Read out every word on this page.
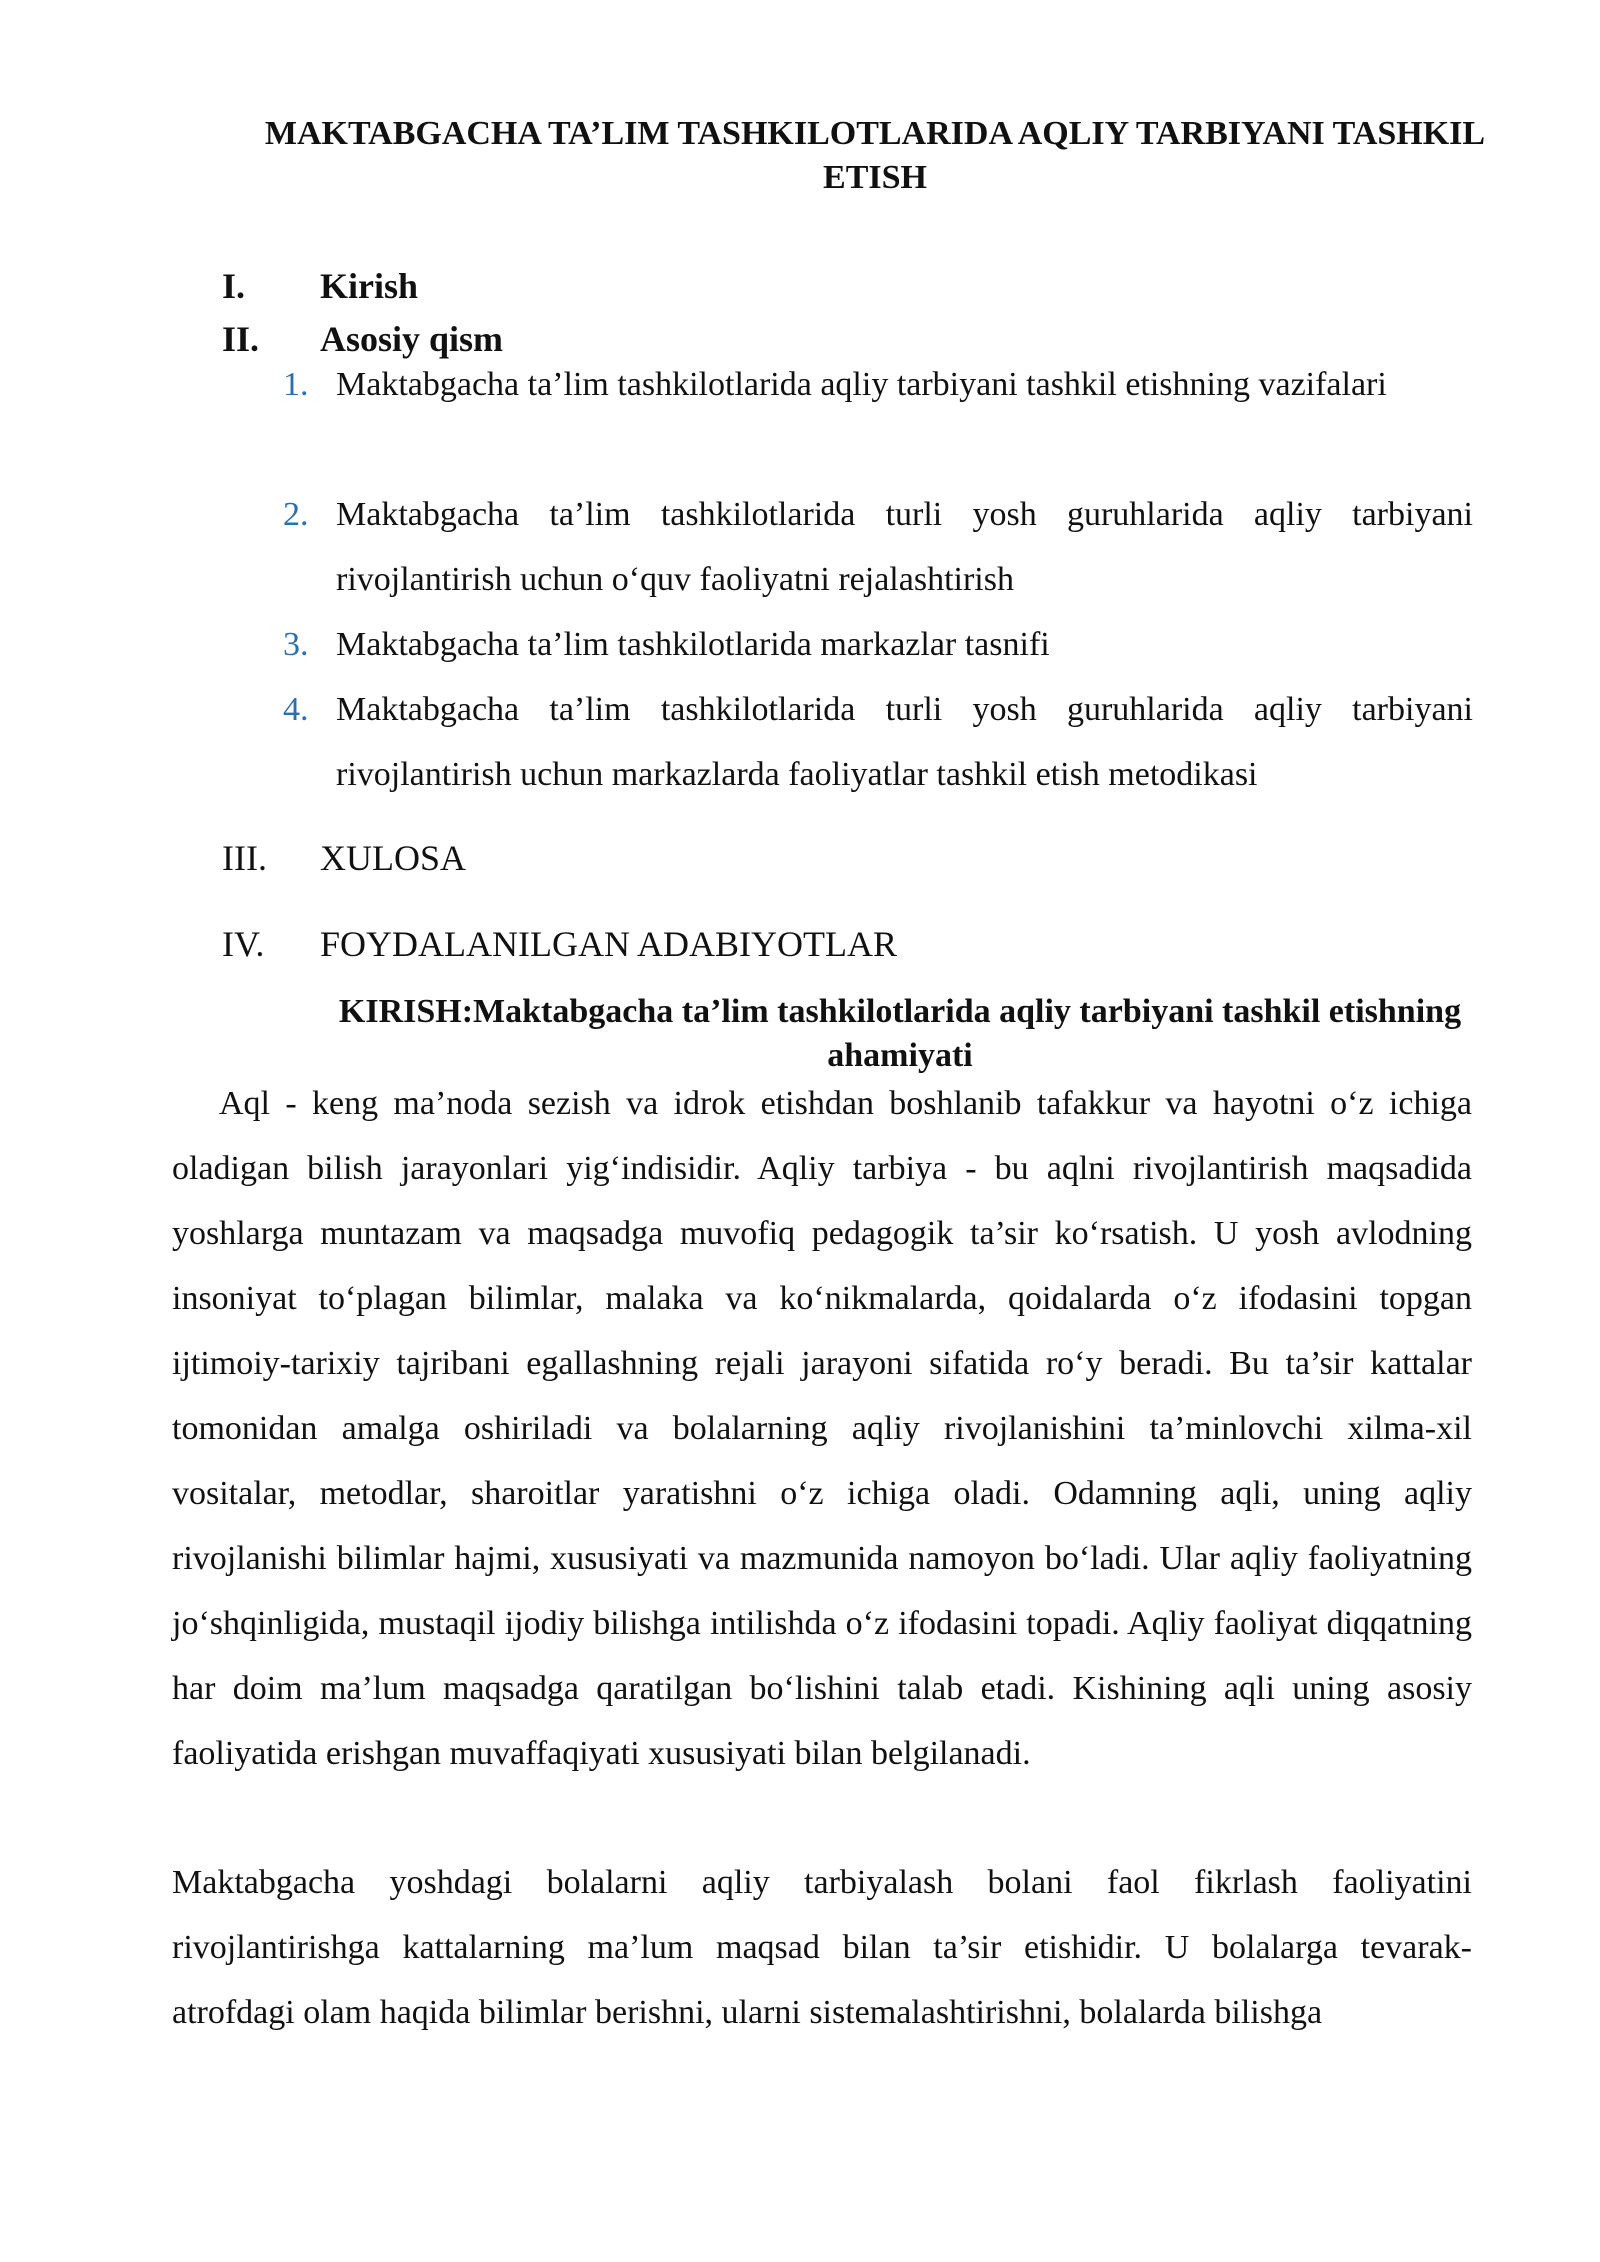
MAKTABGACHA TA’LIM TASHKILOTLARIDA AQLIY TARBIYANI TASHKIL ETISH
I.	Kirish
II.	Asosiy qism
1. Maktabgacha ta’lim tashkilotlarida aqliy tarbiyani tashkil etishning vazifalari
2. Maktabgacha ta’lim tashkilotlarida turli yosh guruhlarida aqliy tarbiyani rivojlantirish uchun o‘quv faoliyatni rejalashtirish
3. Maktabgacha ta’lim tashkilotlarida markazlar tasnifi
4. Maktabgacha ta’lim tashkilotlarida turli yosh guruhlarida aqliy tarbiyani rivojlantirish uchun markazlarda faoliyatlar tashkil etish metodikasi
III.	XULOSA
IV.	FOYDALANILGAN ADABIYOTLAR
KIRISH:Maktabgacha ta’lim tashkilotlarida aqliy tarbiyani tashkil etishning ahamiyati

Aql - keng ma’noda sezish va idrok etishdan boshlanib tafakkur va hayotni o‘z ichiga oladigan bilish jarayonlari yig‘indisidir. Aqliy tarbiya - bu aqlni rivojlantirish maqsadida yoshlarga muntazam va maqsadga muvofiq pedagogik ta’sir ko‘rsatish. U yosh avlodning insoniyat to‘plagan bilimlar, malaka va ko‘nikmalarda, qoidalarda o‘z ifodasini topgan ijtimoiy-tarixiy tajribani egallashning rejali jarayoni sifatida ro‘y beradi. Bu ta’sir kattalar tomonidan amalga oshiriladi va bolalarning aqliy rivojlanishini ta’minlovchi xilma-xil vositalar, metodlar, sharoitlar yaratishni o‘z ichiga oladi. Odamning aqli, uning aqliy rivojlanishi bilimlar hajmi, xususiyati va mazmunida namoyon bo‘ladi. Ular aqliy faoliyatning jo‘shqinligida, mustaqil ijodiy bilishga intilishda o‘z ifodasini topadi. Aqliy faoliyat diqqatning har doim ma’lum maqsadga qaratilgan bo‘lishini talab etadi. Kishining aqli uning asosiy faoliyatida erishgan muvaffaqiyati xususiyati bilan belgilanadi.

Maktabgacha yoshdagi bolalarni aqliy tarbiyalash bolani faol fikrlash faoliyatini rivojlantirishga kattalarning ma’lum maqsad bilan ta’sir etishidir. U bolalarga tevarak- atrofdagi olam haqida bilimlar berishni, ularni sistemalashtirishni, bolalarda bilishga
